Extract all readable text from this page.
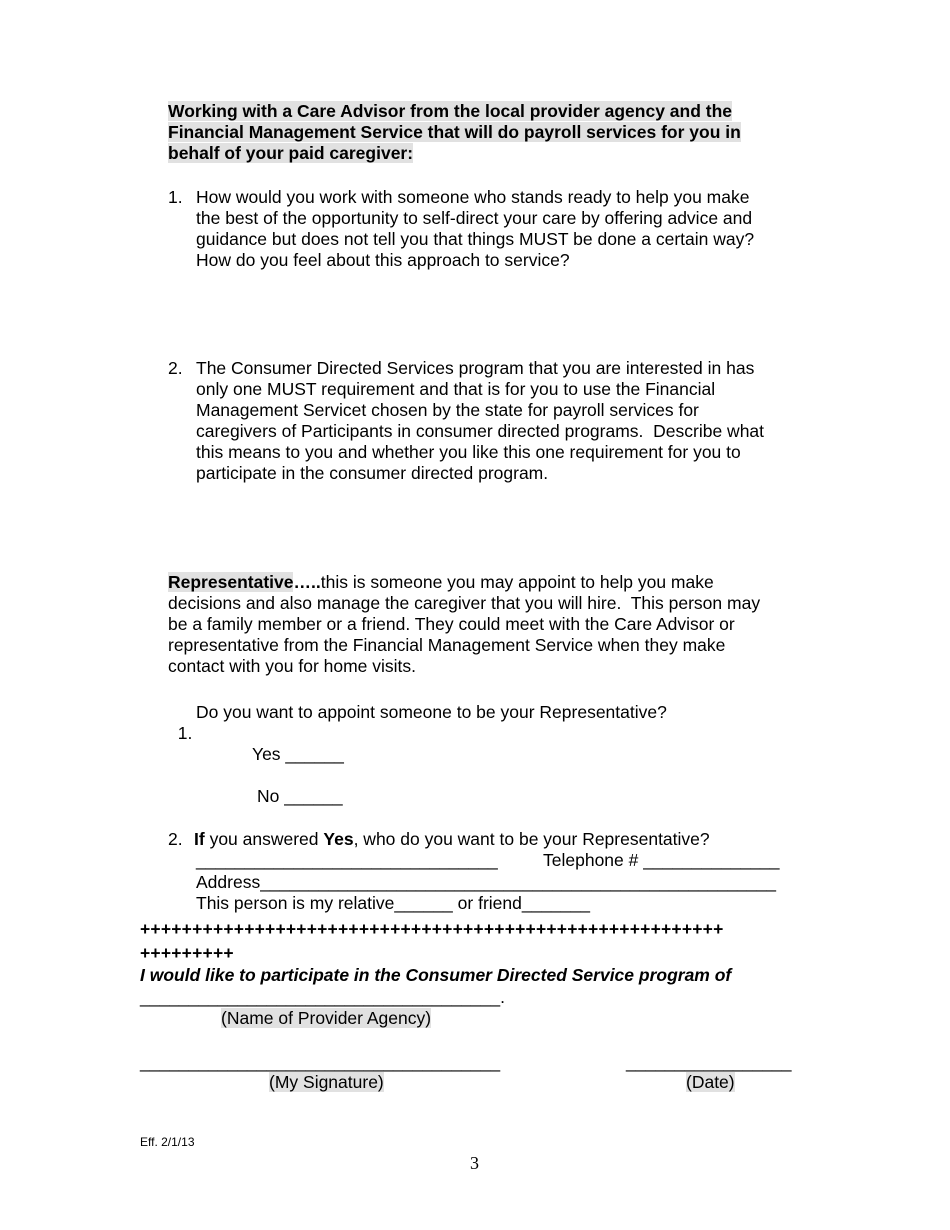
Working with a Care Advisor from the local provider agency and the
Financial Management Service that will do payroll services for you in
behalf of your paid caregiver:
1. How would you work with someone who stands ready to help you make
the best of the opportunity to self-direct your care by offering advice and
guidance but does not tell you that things MUST be done a certain way?
How do you feel about this approach to service?
2. The Consumer Directed Services program that you are interested in has
only one MUST requirement and that is for you to use the Financial
Management Servicet chosen by the state for payroll services for
caregivers of Participants in consumer directed programs.  Describe what
this means to you and whether you like this one requirement for you to
participate in the consumer directed program.
Representative…..this is someone you may appoint to help you make
decisions and also manage the caregiver that you will hire.  This person may
be a family member or a friend. They could meet with the Care Advisor or
representative from the Financial Management Service when they make
contact with you for home visits.

1.

Do you want to appoint someone to be your Representative?
Yes ______
No ______
2. If you answered Yes, who do you want to be your Representative?
_______________________________	Telephone # ______________
Address_____________________________________________________
This person is my relative______ or friend_______
++++++++++++++++++++++++++++++++++++++++++++++++++++++++
+++++++++
I would like to participate in the Consumer Directed Service program of
_____________________________________.
(Name of Provider Agency)
_____________________________________	_________________
(My Signature)	(Date)
Eff. 2/1/13
3
